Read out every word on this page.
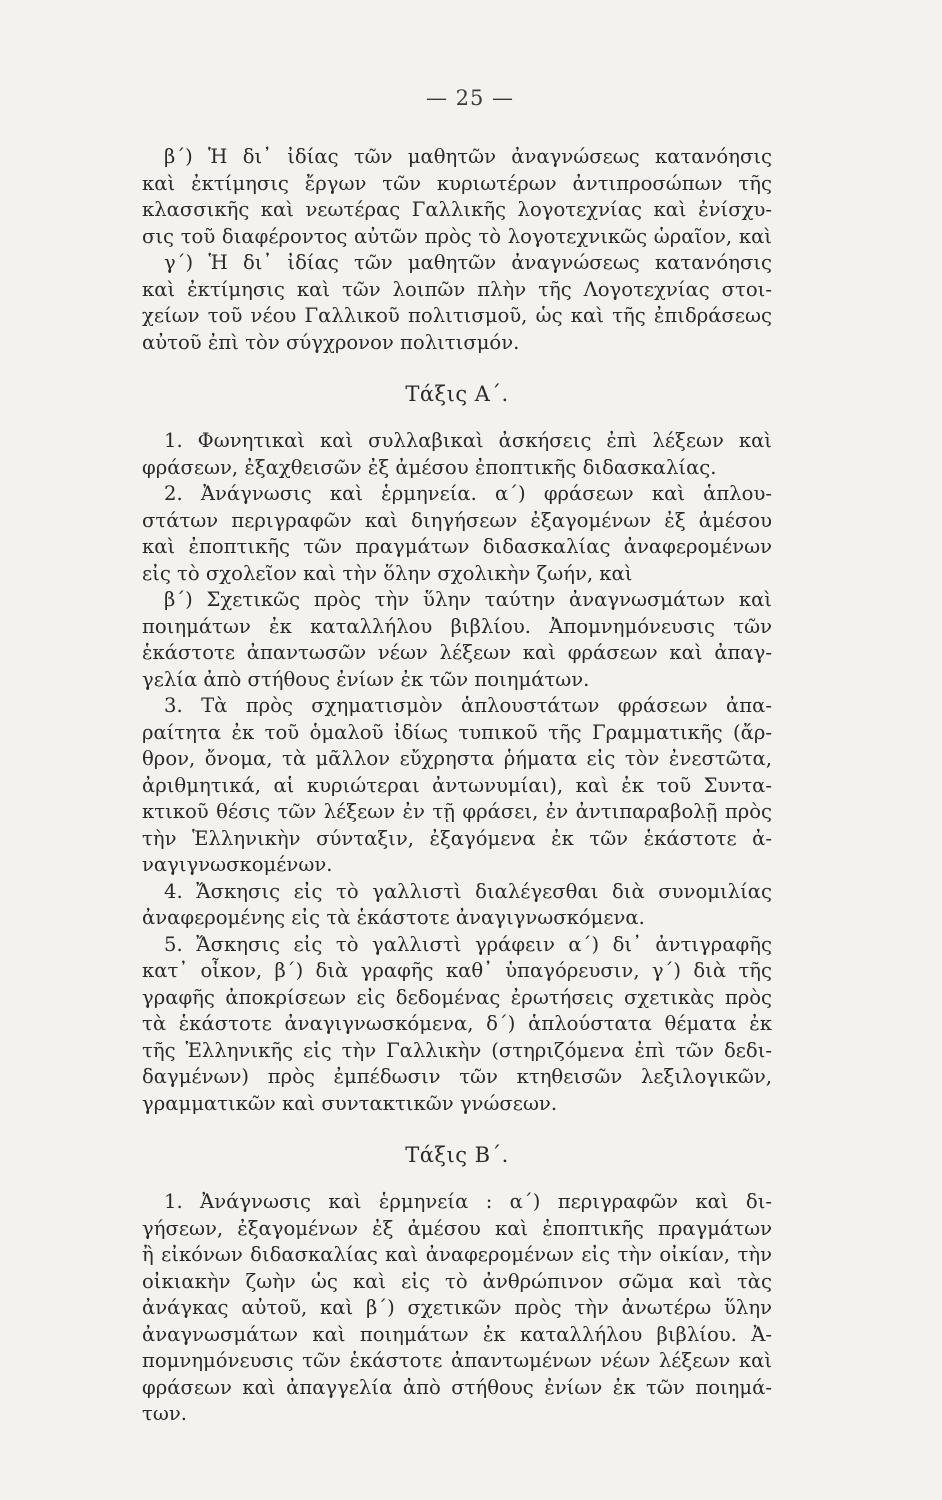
— 25 —
β΄) Ἡ δι᾽ ἰδίας τῶν μαθητῶν ἀναγνώσεως κατανόησις
καὶ ἐκτίμησις ἔργων τῶν κυριωτέρων ἀντιπροσώπων τῆς
κλασσικῆς καὶ νεωτέρας Γαλλικῆς λογοτεχνίας καὶ ἐνίσχυ-
σις τοῦ διαφέροντος αὐτῶν πρὸς τὸ λογοτεχνικῶς ὡραῖον, καὶ
γ΄) Ἡ δι᾽ ἰδίας τῶν μαθητῶν ἀναγνώσεως κατανόησις
καὶ ἐκτίμησις καὶ τῶν λοιπῶν πλὴν τῆς Λογοτεχνίας στοι-
χείων τοῦ νέου Γαλλικοῦ πολιτισμοῦ, ὡς καὶ τῆς ἐπιδράσεως
αὐτοῦ ἐπὶ τὸν σύγχρονον πολιτισμόν.
Τάξις Α΄.
1. Φωνητικαὶ καὶ συλλαβικαὶ ἀσκήσεις ἐπὶ λέξεων καὶ
φράσεων, ἐξαχθεισῶν ἐξ ἀμέσου ἐποπτικῆς διδασκαλίας.
2. Ἀνάγνωσις καὶ ἑρμηνεία. α΄) φράσεων καὶ ἁπλου-
στάτων περιγραφῶν καὶ διηγήσεων ἐξαγομένων ἐξ ἀμέσου
καὶ ἐποπτικῆς τῶν πραγμάτων διδασκαλίας ἀναφερομένων
εἰς τὸ σχολεῖον καὶ τὴν ὅλην σχολικὴν ζωήν, καὶ
β΄) Σχετικῶς πρὸς τὴν ὕλην ταύτην ἀναγνωσμάτων καὶ
ποιημάτων ἐκ καταλλήλου βιβλίου. Ἀπομνημόνευσις τῶν
ἑκάστοτε ἀπαντωσῶν νέων λέξεων καὶ φράσεων καὶ ἀπαγ-
γελία ἀπὸ στήθους ἐνίων ἐκ τῶν ποιημάτων.
3. Τὰ πρὸς σχηματισμὸν ἁπλουστάτων φράσεων ἀπα-
ραίτητα ἐκ τοῦ ὁμαλοῦ ἰδίως τυπικοῦ τῆς Γραμματικῆς (ἄρ-
θρον, ὄνομα, τὰ μᾶλλον εὔχρηστα ῥήματα εἰς τὸν ἐνεστῶτα,
ἀριθμητικά, αἱ κυριώτεραι ἀντωνυμίαι), καὶ ἐκ τοῦ Συντα-
κτικοῦ θέσις τῶν λέξεων ἐν τῇ φράσει, ἐν ἀντιπαραβολῇ πρὸς
τὴν Ἑλληνικὴν σύνταξιν, ἐξαγόμενα ἐκ τῶν ἑκάστοτε ἀ-
ναγιγνωσκομένων.
4. Ἄσκησις εἰς τὸ γαλλιστὶ διαλέγεσθαι διὰ συνομιλίας
ἀναφερομένης εἰς τὰ ἑκάστοτε ἀναγιγνωσκόμενα.
5. Ἄσκησις εἰς τὸ γαλλιστὶ γράφειν α΄) δι᾽ ἀντιγραφῆς
κατ᾽ οἶκον, β΄) διὰ γραφῆς καθ᾽ ὑπαγόρευσιν, γ΄) διὰ τῆς
γραφῆς ἀποκρίσεων εἰς δεδομένας ἐρωτήσεις σχετικὰς πρὸς
τὰ ἑκάστοτε ἀναγιγνωσκόμενα, δ΄) ἁπλούστατα θέματα ἐκ
τῆς Ἑλληνικῆς εἰς τὴν Γαλλικὴν (στηριζόμενα ἐπὶ τῶν δεδι-
δαγμένων) πρὸς ἐμπέδωσιν τῶν κτηθεισῶν λεξιλογικῶν,
γραμματικῶν καὶ συντακτικῶν γνώσεων.
Τάξις Β΄.
1. Ἀνάγνωσις καὶ ἑρμηνεία : α΄) περιγραφῶν καὶ δι-
γήσεων, ἐξαγομένων ἐξ ἀμέσου καὶ ἐποπτικῆς πραγμάτων
ἢ εἰκόνων διδασκαλίας καὶ ἀναφερομένων εἰς τὴν οἰκίαν, τὴν
οἰκιακὴν ζωὴν ὡς καὶ εἰς τὸ ἀνθρώπινον σῶμα καὶ τὰς
ἀνάγκας αὐτοῦ, καὶ β΄) σχετικῶν πρὸς τὴν ἀνωτέρω ὕλην
ἀναγνωσμάτων καὶ ποιημάτων ἐκ καταλλήλου βιβλίου. Ἀ-
πομνημόνευσις τῶν ἑκάστοτε ἀπαντωμένων νέων λέξεων καὶ
φράσεων καὶ ἀπαγγελία ἀπὸ στήθους ἐνίων ἐκ τῶν ποιημά-
των.
